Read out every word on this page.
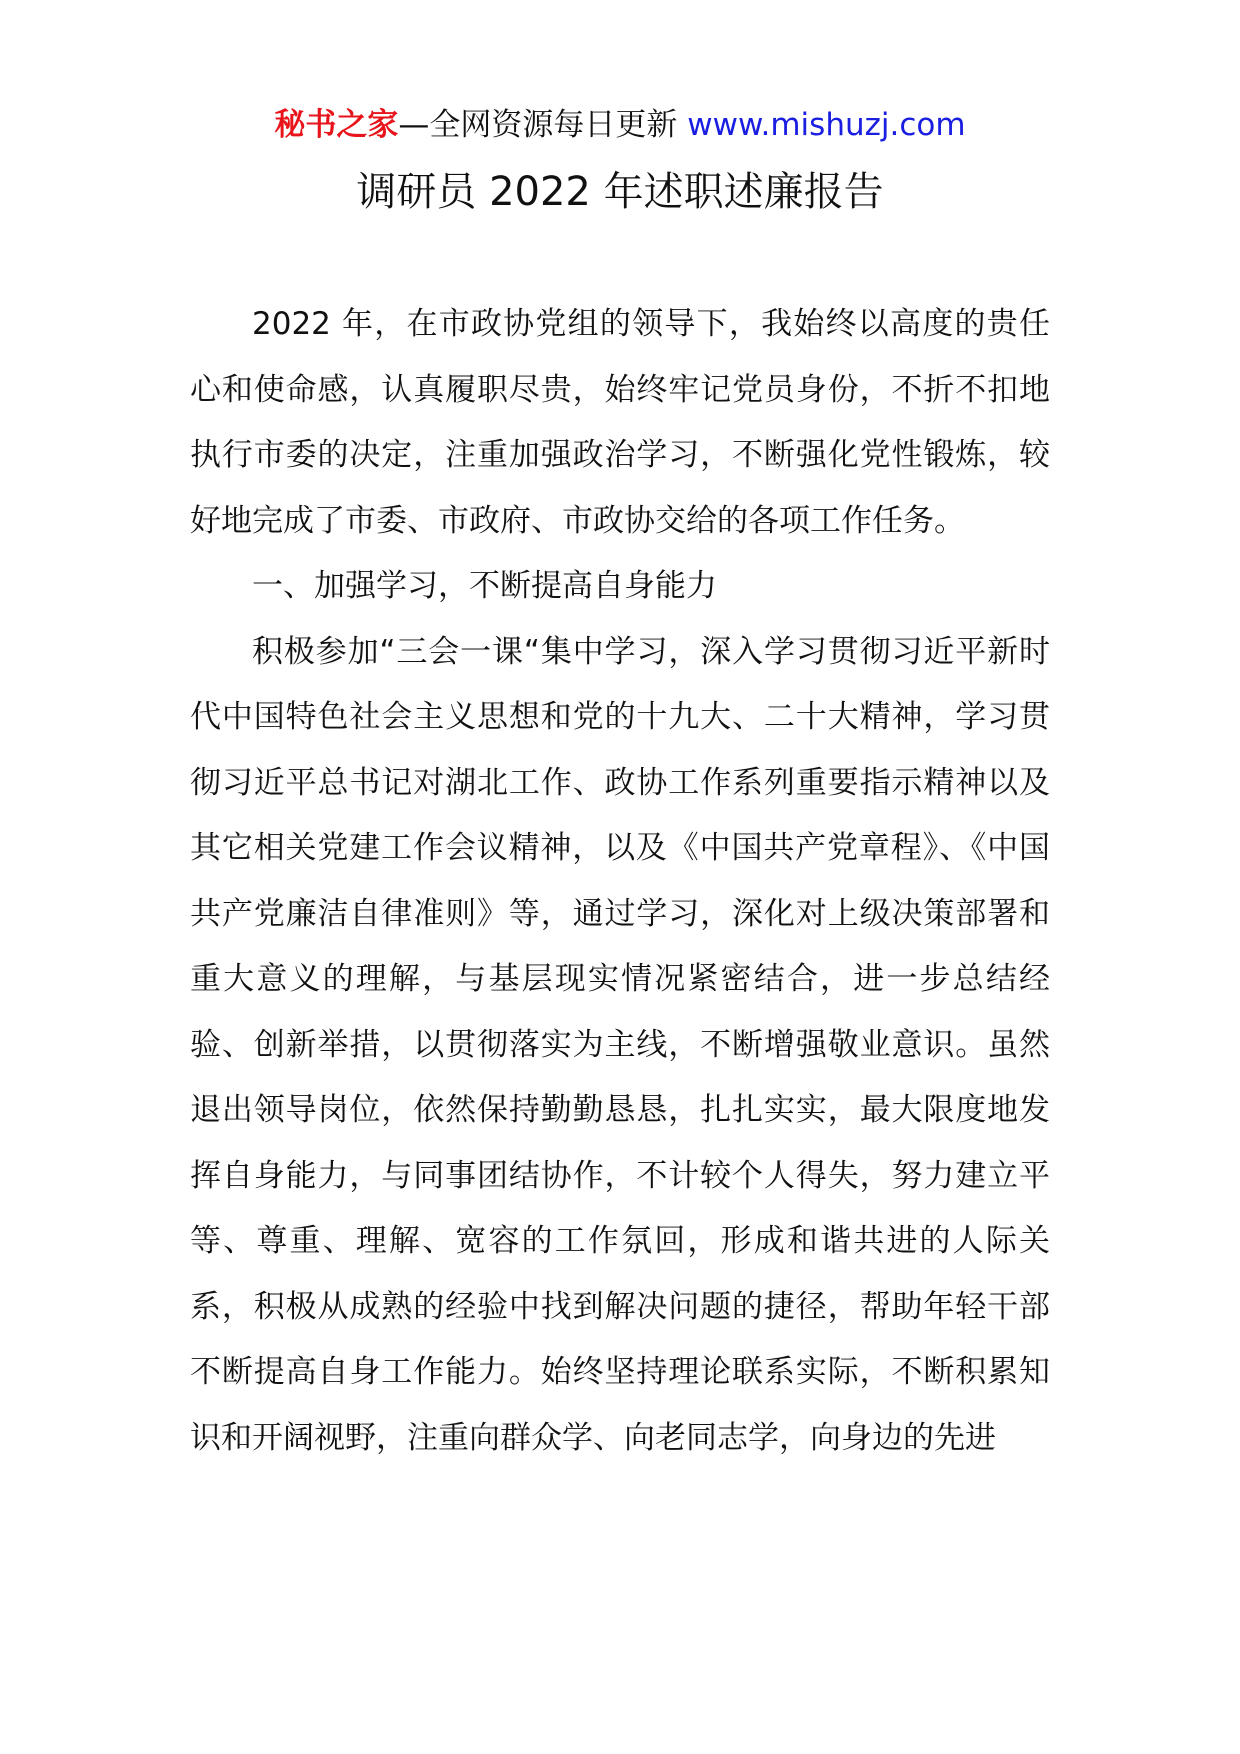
秘书之家—全网资源每日更新 www.mishuzj.com
调研员 2022 年述职述廉报告

2022 年，在市政协党组的领导下，我始终以高度的贵任心和使命感，认真履职尽贵，始终牢记党员身份，不折不扣地执行市委的决定，注重加强政治学习，不断强化党性锻炼，较好地完成了市委、市政府、市政协交给的各项工作任务。

一、加强学习，不断提高自身能力

积极参加“三会一课“集中学习，深入学习贯彻习近平新时代中国特色社会主义思想和党的十九大、二十大精神，学习贯彻习近平总书记对湖北工作、政协工作系列重要指示精神以及其它相关党建工作会议精神，以及《中国共产党章程》、《中国共产党廉洁自律准则》等，通过学习，深化对上级决策部署和重大意义的理解，与基层现实情况紧密结合，进一步总结经验、创新举措，以贯彻落实为主线，不断增强敬业意识。虽然退出领导岗位，依然保持勤勤恳恳，扎扎实实，最大限度地发挥自身能力，与同事团结协作，不计较个人得失，努力建立平等、尊重、理解、宽容的工作氛回，形成和谐共进的人际关系，积极从成熟的经验中找到解决问题的捷径，帮助年轻干部不断提高自身工作能力。始终坚持理论联系实际，不断积累知识和开阔视野，注重向群众学、向老同志学，向身边的先进
